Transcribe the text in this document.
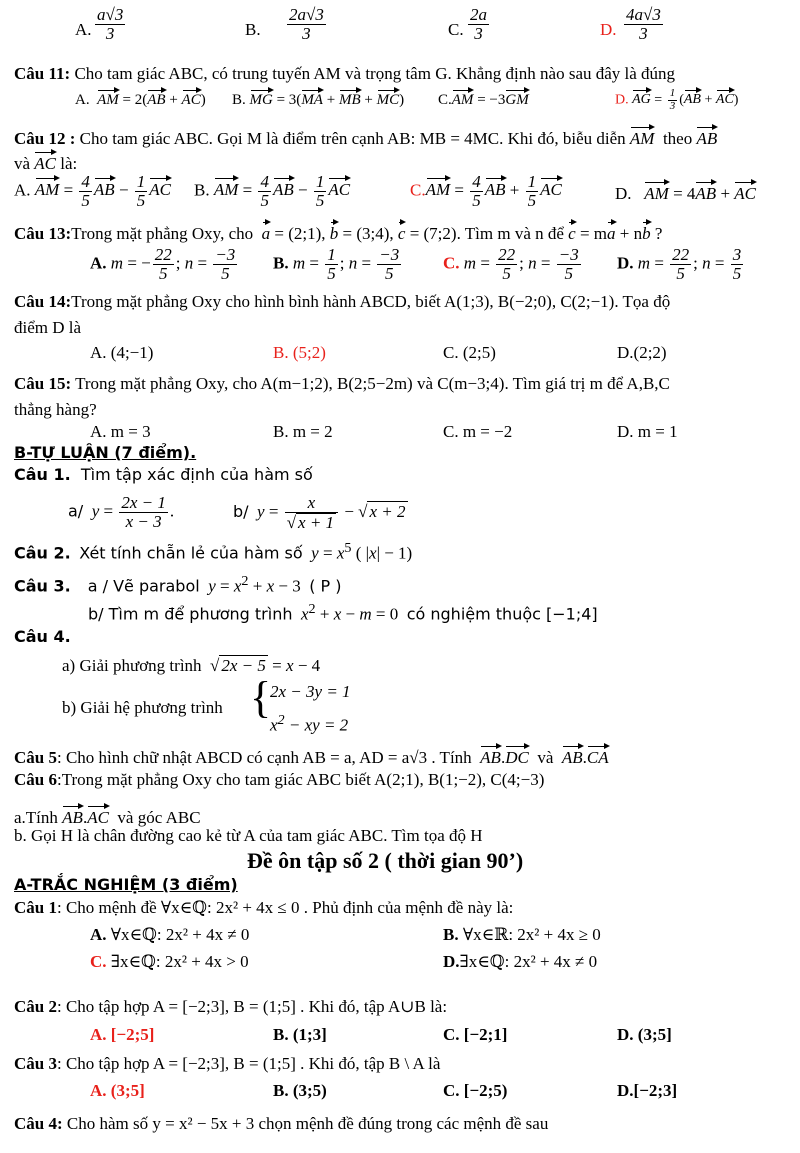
A. $\frac{a√3}{3}$	B. $\frac{2a√3}{3}$	C. $\frac{2a}{3}$	D. $\frac{4a√3}{3}$
Câu 11: Cho tam giác ABC, có trung tuyến AM và trọng tâm G. Khẳng định nào sau đây là đúng
A. AM = 2(AB + AC) B. MG = 3(MA + MB + MC) C.AM = −3GM	D. AG = $\frac{1}{3} (AB + AC)$
Câu 12 : Cho tam giác ABC. Gọi M là điểm trên cạnh AB: MB = 4MC. Khi đó, biễu diễn AM theo AB
và AC là:
A. AM = $\frac{4}{5}$ AB − $\frac{1}{5}$ AC B. AM = $\frac{4}{5}$ AB − $\frac{1}{5}$ AC	$C.AM = \frac{4}{5}$ AB + $\frac{1}{5}$ AC	D. AM = 4AB + AC
Câu 13:Trong mặt phẳng Oxy, cho a = (2;1), b = (3;4), c = (7;2). Tìm m và n để c = ma + nb ?
A. m = − $\frac{22}{5}$ ; $n = \frac{-3}{5} B$. $m = \frac{1}{5}$ ; $n = \frac{-3}{5} C$. $m = \frac{22}{5}$ ; $n = \frac{-3}{5} D$. $m = \frac{22}{5}$ ; $n = \frac{3}{5}$
Câu 14:Trong mặt phẳng Oxy cho hình bình hành ABCD, biết A(1;3), B(−2;0), C(2;−1). Tọa độ
điểm D là
A. (4;−1)	B. (5;2)	C. (2;5)	D.(2;2)
Câu 15: Trong mặt phẳng Oxy, cho A(m−1;2), B(2;5−2m) và C(m−3;4). Tìm giá trị m để A,B,C
thẳng hàng?
A. m = 3	B. m = 2	C. m = −2	D. m = 1
B-TỰ LUẬN (7 điểm).
Câu 1. Tìm tập xác định của hàm số
a/ $y = \frac{2x - 1}{x - 3}$ .	b/ $y = \frac{x}{√ x + 1}$ − √ x + 2
Câu 2. Xét tính chẵn lẻ của hàm số $y = x^5$ ( |x| − 1)
Câu 3. a / Vẽ parabol $y = x^2 + x - 3$  ( P )
b/ Tìm m để phương trình $x^2 + x - m = 0$  có nghiệm thuộc [−1;4]
Câu 4.
a) Giải phương trình  √ 2x − 5 = x − 4
b) Giải hệ phương trình {
2x − 3y = 1
$x^2$ − xy = 2
Câu 5: Cho hình chữ nhật ABCD có cạnh AB = a, AD = a√3 . Tính AB.DC và AB.CA
Câu 6:Trong mặt phẳng Oxy cho tam giác ABC biết A(2;1), B(1;−2), C(4;−3)
a.Tính AB.AC và góc ABC
b. Gọi H là chân đường cao kẻ từ A của tam giác ABC. Tìm tọa độ H
Đề ôn tập số 2 ( thời gian 90’)
A-TRẮC NGHIỆM (3 điểm)
Câu 1: Cho mệnh đề ∀x∈ℚ: 2x² + 4x ≤ 0 . Phủ định của mệnh đề này là:
A. ∀x∈ℚ: 2x² + 4x ≠ 0	B. ∀x∈ℝ: 2x² + 4x ≥ 0
C. ∃x∈ℚ: 2x² + 4x > 0	D.∃x∈ℚ: 2x² + 4x ≠ 0
Câu 2: Cho tập hợp A = [−2;3], B = (1;5] . Khi đó, tập A∪B là:
A. [−2;5]	B. (1;3]	C. [−2;1]	D. (3;5]
Câu 3: Cho tập hợp A = [−2;3], B = (1;5] . Khi đó, tập B \ A là
A. (3;5]	B. (3;5)	C. [−2;5)	D.[−2;3]
Câu 4: Cho hàm số y = x² − 5x + 3 chọn mệnh đề đúng trong các mệnh đề sau
